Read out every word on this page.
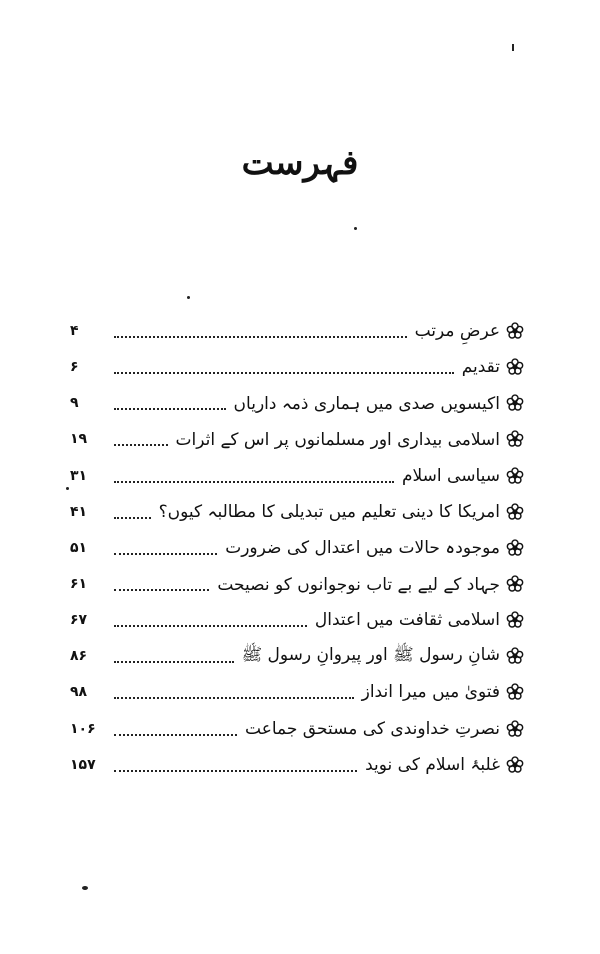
فہرست
عرضِ مرتب
۴
تقدیم
۶
اکیسویں صدی میں ہماری ذمہ داریاں
۹
اسلامی بیداری اور مسلمانوں پر اس کے اثرات
۱۹
سیاسی اسلام
۳۱
امریکا کا دینی تعلیم میں تبدیلی کا مطالبہ کیوں؟
۴۱
موجودہ حالات میں اعتدال کی ضرورت
۵۱
جہاد کے لیے بے تاب نوجوانوں کو نصیحت
۶۱
اسلامی ثقافت میں اعتدال
۶۷
شانِ رسول ﷺ اور پیروانِ رسول ﷺ
۸۶
فتویٰ میں میرا انداز
۹۸
نصرتِ خداوندی کی مستحق جماعت
۱۰۶
غلبۂ اسلام کی نوید
۱۵۷
